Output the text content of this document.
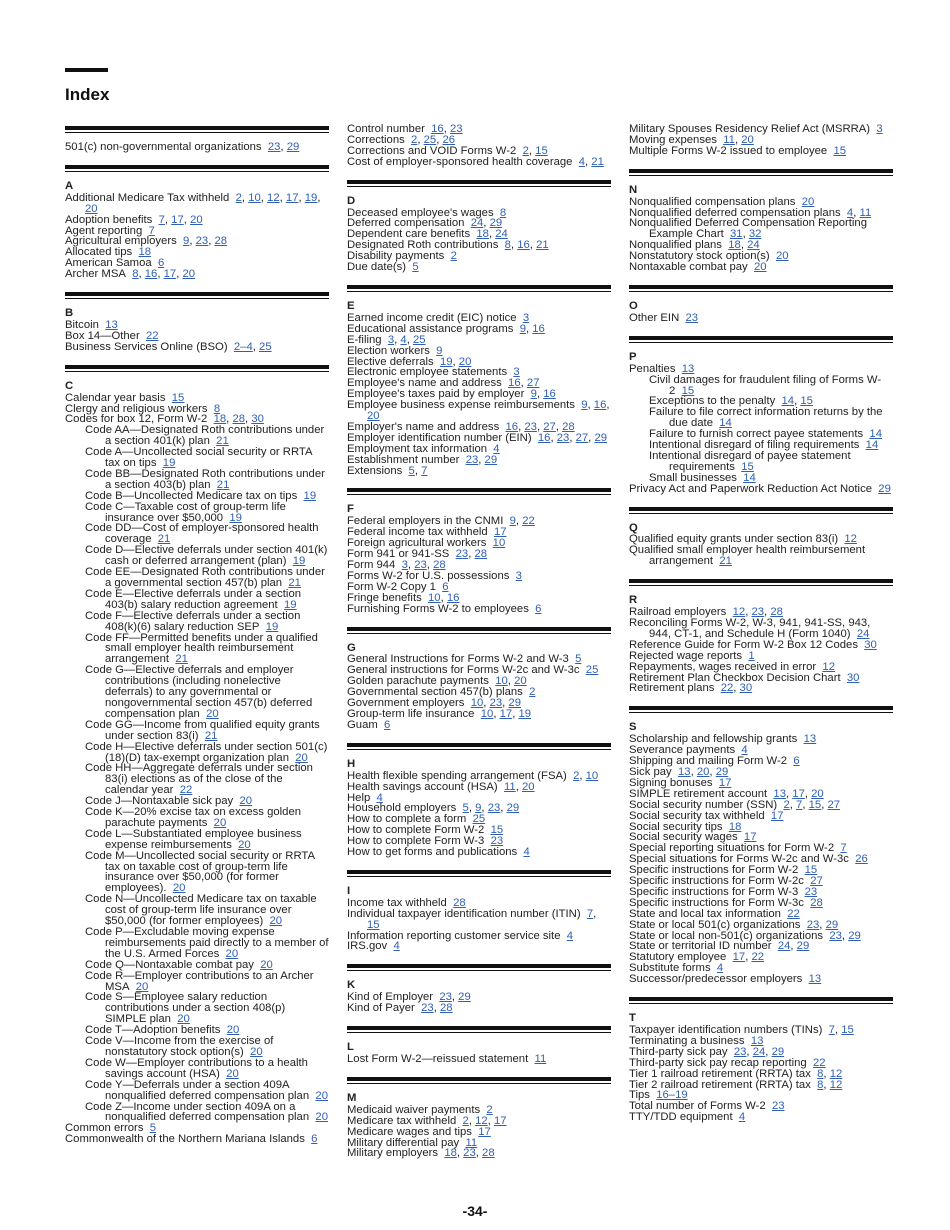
Index
501(c) non-governmental organizations 23, 29
A
Additional Medicare Tax withheld 2, 10, 12, 17, 19, 20
Adoption benefits 7, 17, 20
Agent reporting 7
Agricultural employers 9, 23, 28
Allocated tips 18
American Samoa 6
Archer MSA 8, 16, 17, 20
B
Bitcoin 13
Box 14—Other 22
Business Services Online (BSO) 2–4, 25
C
Calendar year basis 15
Clergy and religious workers 8
Codes for box 12, Form W-2 18, 28, 30
Code AA—Designated Roth contributions under a section 401(k) plan 21
Code A—Uncollected social security or RRTA tax on tips 19
Code BB—Designated Roth contributions under a section 403(b) plan 21
Code B—Uncollected Medicare tax on tips 19
Code C—Taxable cost of group-term life insurance over $50,000 19
Code DD—Cost of employer-sponsored health coverage 21
Code D—Elective deferrals under section 401(k) cash or deferred arrangement (plan) 19
Code EE—Designated Roth contributions under a governmental section 457(b) plan 21
Code E—Elective deferrals under a section 403(b) salary reduction agreement 19
Code F—Elective deferrals under a section 408(k)(6) salary reduction SEP 19
Code FF—Permitted benefits under a qualified small employer health reimbursement arrangement 21
Code G—Elective deferrals and employer contributions (including nonelective deferrals) to any governmental or nongovernmental section 457(b) deferred compensation plan 20
Code GG—Income from qualified equity grants under section 83(i) 21
Code H—Elective deferrals under section 501(c)(18)(D) tax-exempt organization plan 20
Code HH—Aggregate deferrals under section 83(i) elections as of the close of the calendar year 22
Code J—Nontaxable sick pay 20
Code K—20% excise tax on excess golden parachute payments 20
Code L—Substantiated employee business expense reimbursements 20
Code M—Uncollected social security or RRTA tax on taxable cost of group-term life insurance over $50,000 (for former employees). 20
Code N—Uncollected Medicare tax on taxable cost of group-term life insurance over $50,000 (for former employees) 20
Code P—Excludable moving expense reimbursements paid directly to a member of the U.S. Armed Forces 20
Code Q—Nontaxable combat pay 20
Code R—Employer contributions to an Archer MSA 20
Code S—Employee salary reduction contributions under a section 408(p) SIMPLE plan 20
Code T—Adoption benefits 20
Code V—Income from the exercise of nonstatutory stock option(s) 20
Code W—Employer contributions to a health savings account (HSA) 20
Code Y—Deferrals under a section 409A nonqualified deferred compensation plan 20
Code Z—Income under section 409A on a nonqualified deferred compensation plan 20
Common errors 5
Commonwealth of the Northern Mariana Islands 6
Control number 16, 23
Corrections 2, 25, 26
Corrections and VOID Forms W-2 2, 15
Cost of employer-sponsored health coverage 4, 21
D
Deceased employee's wages 8
Deferred compensation 24, 29
Dependent care benefits 18, 24
Designated Roth contributions 8, 16, 21
Disability payments 2
Due date(s) 5
E
Earned income credit (EIC) notice 3
Educational assistance programs 9, 16
E-filing 3, 4, 25
Election workers 9
Elective deferrals 19, 20
Electronic employee statements 3
Employee's name and address 16, 27
Employee's taxes paid by employer 9, 16
Employee business expense reimbursements 9, 16, 20
Employer's name and address 16, 23, 27, 28
Employer identification number (EIN) 16, 23, 27, 29
Employment tax information 4
Establishment number 23, 29
Extensions 5, 7
F
Federal employers in the CNMI 9, 22
Federal income tax withheld 17
Foreign agricultural workers 10
Form 941 or 941-SS 23, 28
Form 944 3, 23, 28
Forms W-2 for U.S. possessions 3
Form W-2 Copy 1 6
Fringe benefits 10, 16
Furnishing Forms W-2 to employees 6
G
General Instructions for Forms W-2 and W-3 5
General instructions for Forms W-2c and W-3c 25
Golden parachute payments 10, 20
Governmental section 457(b) plans 2
Government employers 10, 23, 29
Group-term life insurance 10, 17, 19
Guam 6
H
Health flexible spending arrangement (FSA) 2, 10
Health savings account (HSA) 11, 20
Help 4
Household employers 5, 9, 23, 29
How to complete a form 25
How to complete Form W-2 15
How to complete Form W-3 23
How to get forms and publications 4
I
Income tax withheld 28
Individual taxpayer identification number (ITIN) 7, 15
Information reporting customer service site 4
IRS.gov 4
K
Kind of Employer 23, 29
Kind of Payer 23, 28
L
Lost Form W-2—reissued statement 11
M
Medicaid waiver payments 2
Medicare tax withheld 2, 12, 17
Medicare wages and tips 17
Military differential pay 11
Military employers 18, 23, 28
Military Spouses Residency Relief Act (MSRRA) 3
Moving expenses 11, 20
Multiple Forms W-2 issued to employee 15
N
Nonqualified compensation plans 20
Nonqualified deferred compensation plans 4, 11
Nonqualified Deferred Compensation Reporting Example Chart 31, 32
Nonqualified plans 18, 24
Nonstatutory stock option(s) 20
Nontaxable combat pay 20
O
Other EIN 23
P
Penalties 13
Civil damages for fraudulent filing of Forms W-2 15
Exceptions to the penalty 14, 15
Failure to file correct information returns by the due date 14
Failure to furnish correct payee statements 14
Intentional disregard of filing requirements 14
Intentional disregard of payee statement requirements 15
Small businesses 14
Privacy Act and Paperwork Reduction Act Notice 29
Q
Qualified equity grants under section 83(i) 12
Qualified small employer health reimbursement arrangement 21
R
Railroad employers 12, 23, 28
Reconciling Forms W-2, W-3, 941, 941-SS, 943, 944, CT-1, and Schedule H (Form 1040) 24
Reference Guide for Form W-2 Box 12 Codes 30
Rejected wage reports 1
Repayments, wages received in error 12
Retirement Plan Checkbox Decision Chart 30
Retirement plans 22, 30
S
Scholarship and fellowship grants 13
Severance payments 4
Shipping and mailing Form W-2 6
Sick pay 13, 20, 29
Signing bonuses 17
SIMPLE retirement account 13, 17, 20
Social security number (SSN) 2, 7, 15, 27
Social security tax withheld 17
Social security tips 18
Social security wages 17
Special reporting situations for Form W-2 7
Special situations for Forms W-2c and W-3c 26
Specific instructions for Form W-2 15
Specific instructions for Form W-2c 27
Specific instructions for Form W-3 23
Specific instructions for Form W-3c 28
State and local tax information 22
State or local 501(c) organizations 23, 29
State or local non-501(c) organizations 23, 29
State or territorial ID number 24, 29
Statutory employee 17, 22
Substitute forms 4
Successor/predecessor employers 13
T
Taxpayer identification numbers (TINs) 7, 15
Terminating a business 13
Third-party sick pay 23, 24, 29
Third-party sick pay recap reporting 22
Tier 1 railroad retirement (RRTA) tax 8, 12
Tier 2 railroad retirement (RRTA) tax 8, 12
Tips 16–19
Total number of Forms W-2 23
TTY/TDD equipment 4
-34-
